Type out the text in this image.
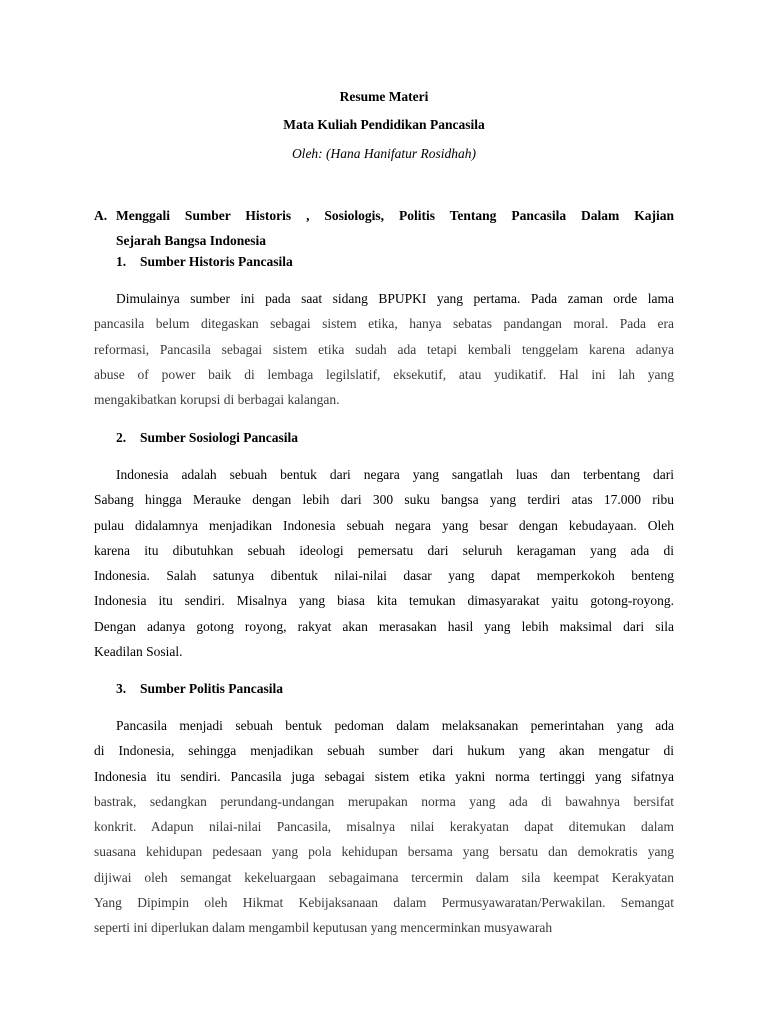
Resume Materi

Mata Kuliah Pendidikan Pancasila

Oleh: (Hana Hanifatur Rosidhah)

A. Menggali Sumber Historis , Sosiologis, Politis Tentang Pancasila Dalam Kajian
Sejarah Bangsa Indonesia
1. Sumber Historis Pancasila
Dimulainya sumber ini pada saat sidang BPUPKI yang pertama. Pada zaman orde lama
pancasila belum ditegaskan sebagai sistem etika, hanya sebatas pandangan moral. Pada era
reformasi, Pancasila sebagai sistem etika sudah ada tetapi kembali tenggelam karena adanya
abuse of power baik di lembaga legilslatif, eksekutif, atau yudikatif. Hal ini lah yang
mengakibatkan korupsi di berbagai kalangan.
2. Sumber Sosiologi Pancasila
Indonesia adalah sebuah bentuk dari negara yang sangatlah luas dan terbentang dari
Sabang hingga Merauke dengan lebih dari 300 suku bangsa yang terdiri atas 17.000 ribu
pulau didalamnya menjadikan Indonesia sebuah negara yang besar dengan kebudayaan. Oleh
karena itu dibutuhkan sebuah ideologi pemersatu dari seluruh keragaman yang ada di
Indonesia. Salah satunya dibentuk nilai-nilai dasar yang dapat memperkokoh benteng
Indonesia itu sendiri. Misalnya yang biasa kita temukan dimasyarakat yaitu gotong-royong.
Dengan adanya gotong royong, rakyat akan merasakan hasil yang lebih maksimal dari sila
Keadilan Sosial.
3. Sumber Politis Pancasila
Pancasila menjadi sebuah bentuk pedoman dalam melaksanakan pemerintahan yang ada
di Indonesia, sehingga menjadikan sebuah sumber dari hukum yang akan mengatur di
Indonesia itu sendiri. Pancasila juga sebagai sistem etika yakni norma tertinggi yang sifatnya
bastrak, sedangkan perundang-undangan merupakan norma yang ada di bawahnya bersifat
konkrit. Adapun nilai-nilai Pancasila, misalnya nilai kerakyatan dapat ditemukan dalam
suasana kehidupan pedesaan yang pola kehidupan bersama yang bersatu dan demokratis yang
dijiwai oleh semangat kekeluargaan sebagaimana tercermin dalam sila keempat Kerakyatan
Yang Dipimpin oleh Hikmat Kebijaksanaan dalam Permusyawaratan/Perwakilan. Semangat
seperti ini diperlukan dalam mengambil keputusan yang mencerminkan musyawarah
